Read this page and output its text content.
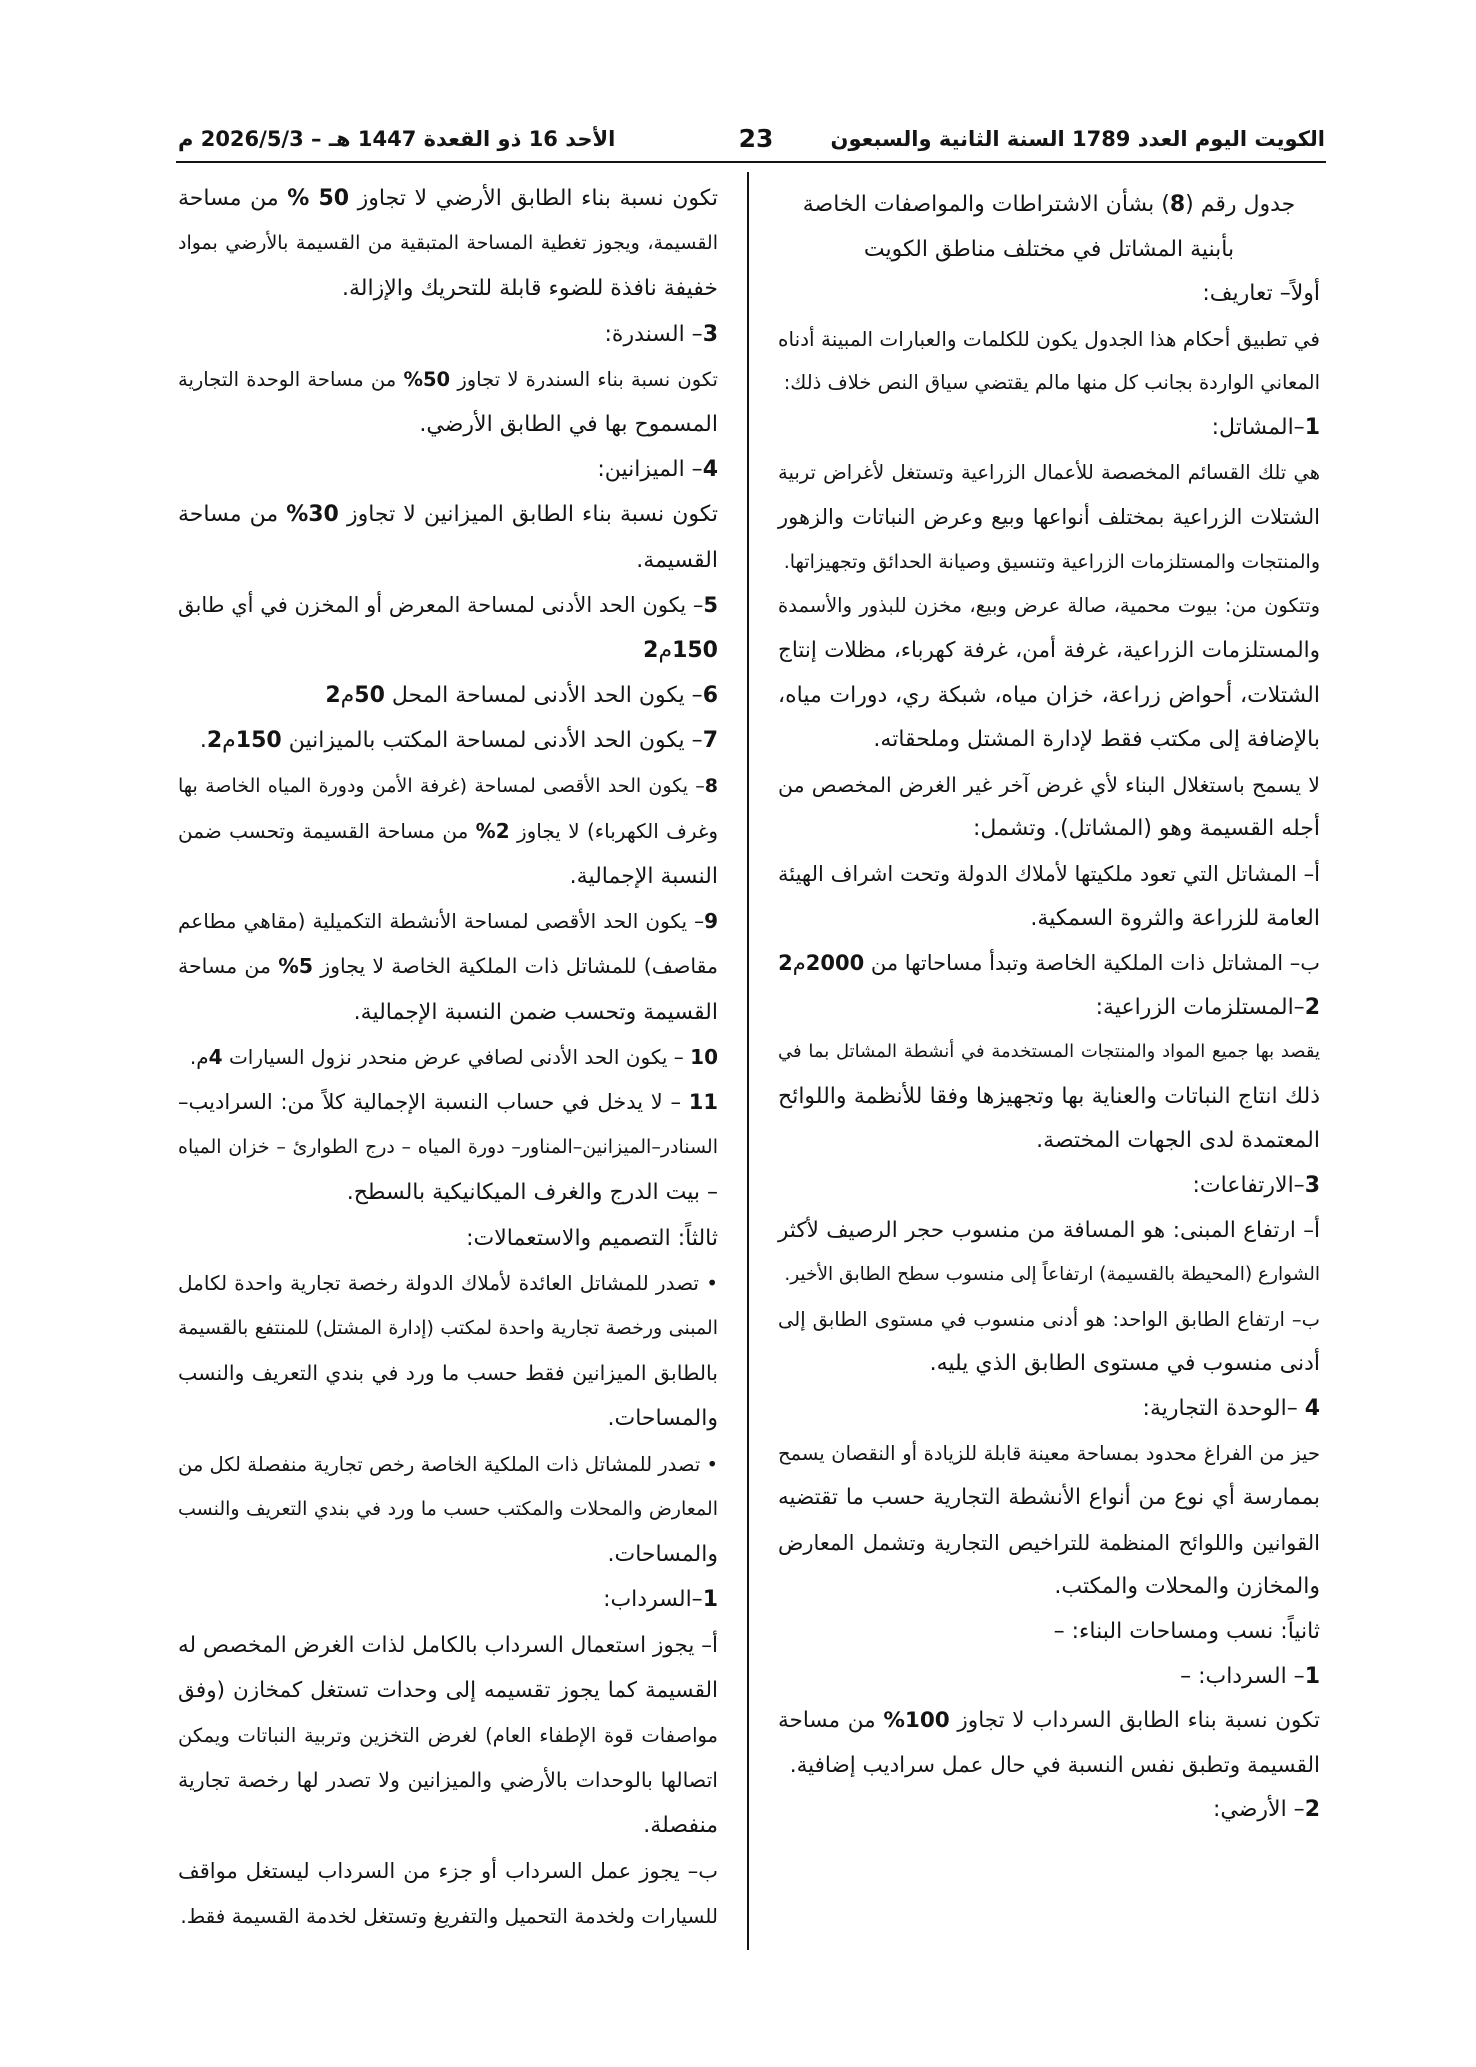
الكويت اليوم العدد 1789 السنة الثانية والسبعون
23
الأحد 16 ذو القعدة 1447 هـ – 2026/5/3 م
جدول رقم (8) بشأن الاشتراطات والمواصفات الخاصة
بأبنية المشاتل في مختلف مناطق الكويت
أولاً– تعاريف:
في تطبيق أحكام هذا الجدول يكون للكلمات والعبارات المبينة أدناه
المعاني الواردة بجانب كل منها مالم يقتضي سياق النص خلاف ذلك:
1–المشاتل:
هي تلك القسائم المخصصة للأعمال الزراعية وتستغل لأغراض تربية
الشتلات الزراعية بمختلف أنواعها وبيع وعرض النباتات والزهور
والمنتجات والمستلزمات الزراعية وتنسيق وصيانة الحدائق وتجهيزاتها.
وتتكون من: بيوت محمية، صالة عرض وبيع، مخزن للبذور والأسمدة
والمستلزمات الزراعية، غرفة أمن، غرفة كهرباء، مظلات إنتاج
الشتلات، أحواض زراعة، خزان مياه، شبكة ري، دورات مياه،
بالإضافة إلى مكتب فقط لإدارة المشتل وملحقاته.
لا يسمح باستغلال البناء لأي غرض آخر غير الغرض المخصص من
أجله القسيمة وهو (المشاتل). وتشمل:
أ– المشاتل التي تعود ملكيتها لأملاك الدولة وتحت اشراف الهيئة
العامة للزراعة والثروة السمكية.
ب– المشاتل ذات الملكية الخاصة وتبدأ مساحاتها من 2000م2
2–المستلزمات الزراعية:
يقصد بها جميع المواد والمنتجات المستخدمة في أنشطة المشاتل بما في
ذلك انتاج النباتات والعناية بها وتجهيزها وفقا للأنظمة واللوائح
المعتمدة لدى الجهات المختصة.
3–الارتفاعات:
أ– ارتفاع المبنى: هو المسافة من منسوب حجر الرصيف لأكثر
الشوارع (المحيطة بالقسيمة) ارتفاعاً إلى منسوب سطح الطابق الأخير.
ب– ارتفاع الطابق الواحد: هو أدنى منسوب في مستوى الطابق إلى
أدنى منسوب في مستوى الطابق الذي يليه.
4 –الوحدة التجارية:
حيز من الفراغ محدود بمساحة معينة قابلة للزيادة أو النقصان يسمح
بممارسة أي نوع من أنواع الأنشطة التجارية حسب ما تقتضيه
القوانين واللوائح المنظمة للتراخيص التجارية وتشمل المعارض
والمخازن والمحلات والمكتب.
ثانياً: نسب ومساحات البناء: –
1– السرداب: –
تكون نسبة بناء الطابق السرداب لا تجاوز 100% من مساحة
القسيمة وتطبق نفس النسبة في حال عمل سراديب إضافية.
2– الأرضي:
تكون نسبة بناء الطابق الأرضي لا تجاوز 50 % من مساحة
القسيمة، ويجوز تغطية المساحة المتبقية من القسيمة بالأرضي بمواد
خفيفة نافذة للضوء قابلة للتحريك والإزالة.
3– السندرة:
تكون نسبة بناء السندرة لا تجاوز 50% من مساحة الوحدة التجارية
المسموح بها في الطابق الأرضي.
4– الميزانين:
تكون نسبة بناء الطابق الميزانين لا تجاوز 30% من مساحة
القسيمة.
5– يكون الحد الأدنى لمساحة المعرض أو المخزن في أي طابق
150م2
6– يكون الحد الأدنى لمساحة المحل 50م2
7– يكون الحد الأدنى لمساحة المكتب بالميزانين 150م2.
8– يكون الحد الأقصى لمساحة (غرفة الأمن ودورة المياه الخاصة بها
وغرف الكهرباء) لا يجاوز 2% من مساحة القسيمة وتحسب ضمن
النسبة الإجمالية.
9– يكون الحد الأقصى لمساحة الأنشطة التكميلية (مقاهي مطاعم
مقاصف) للمشاتل ذات الملكية الخاصة لا يجاوز 5% من مساحة
القسيمة وتحسب ضمن النسبة الإجمالية.
10 – يكون الحد الأدنى لصافي عرض منحدر نزول السيارات 4م.
11 – لا يدخل في حساب النسبة الإجمالية كلاً من: السراديب–
السنادر–الميزانين–المناور– دورة المياه – درج الطوارئ – خزان المياه
– بيت الدرج والغرف الميكانيكية بالسطح.
ثالثاً: التصميم والاستعمالات:
• تصدر للمشاتل العائدة لأملاك الدولة رخصة تجارية واحدة لكامل
المبنى ورخصة تجارية واحدة لمكتب (إدارة المشتل) للمنتفع بالقسيمة
بالطابق الميزانين فقط حسب ما ورد في بندي التعريف والنسب
والمساحات.
• تصدر للمشاتل ذات الملكية الخاصة رخص تجارية منفصلة لكل من
المعارض والمحلات والمكتب حسب ما ورد في بندي التعريف والنسب
والمساحات.
1–السرداب:
أ– يجوز استعمال السرداب بالكامل لذات الغرض المخصص له
القسيمة كما يجوز تقسيمه إلى وحدات تستغل كمخازن (وفق
مواصفات قوة الإطفاء العام) لغرض التخزين وتربية النباتات ويمكن
اتصالها بالوحدات بالأرضي والميزانين ولا تصدر لها رخصة تجارية
منفصلة.
ب– يجوز عمل السرداب أو جزء من السرداب ليستغل مواقف
للسيارات ولخدمة التحميل والتفريغ وتستغل لخدمة القسيمة فقط.
